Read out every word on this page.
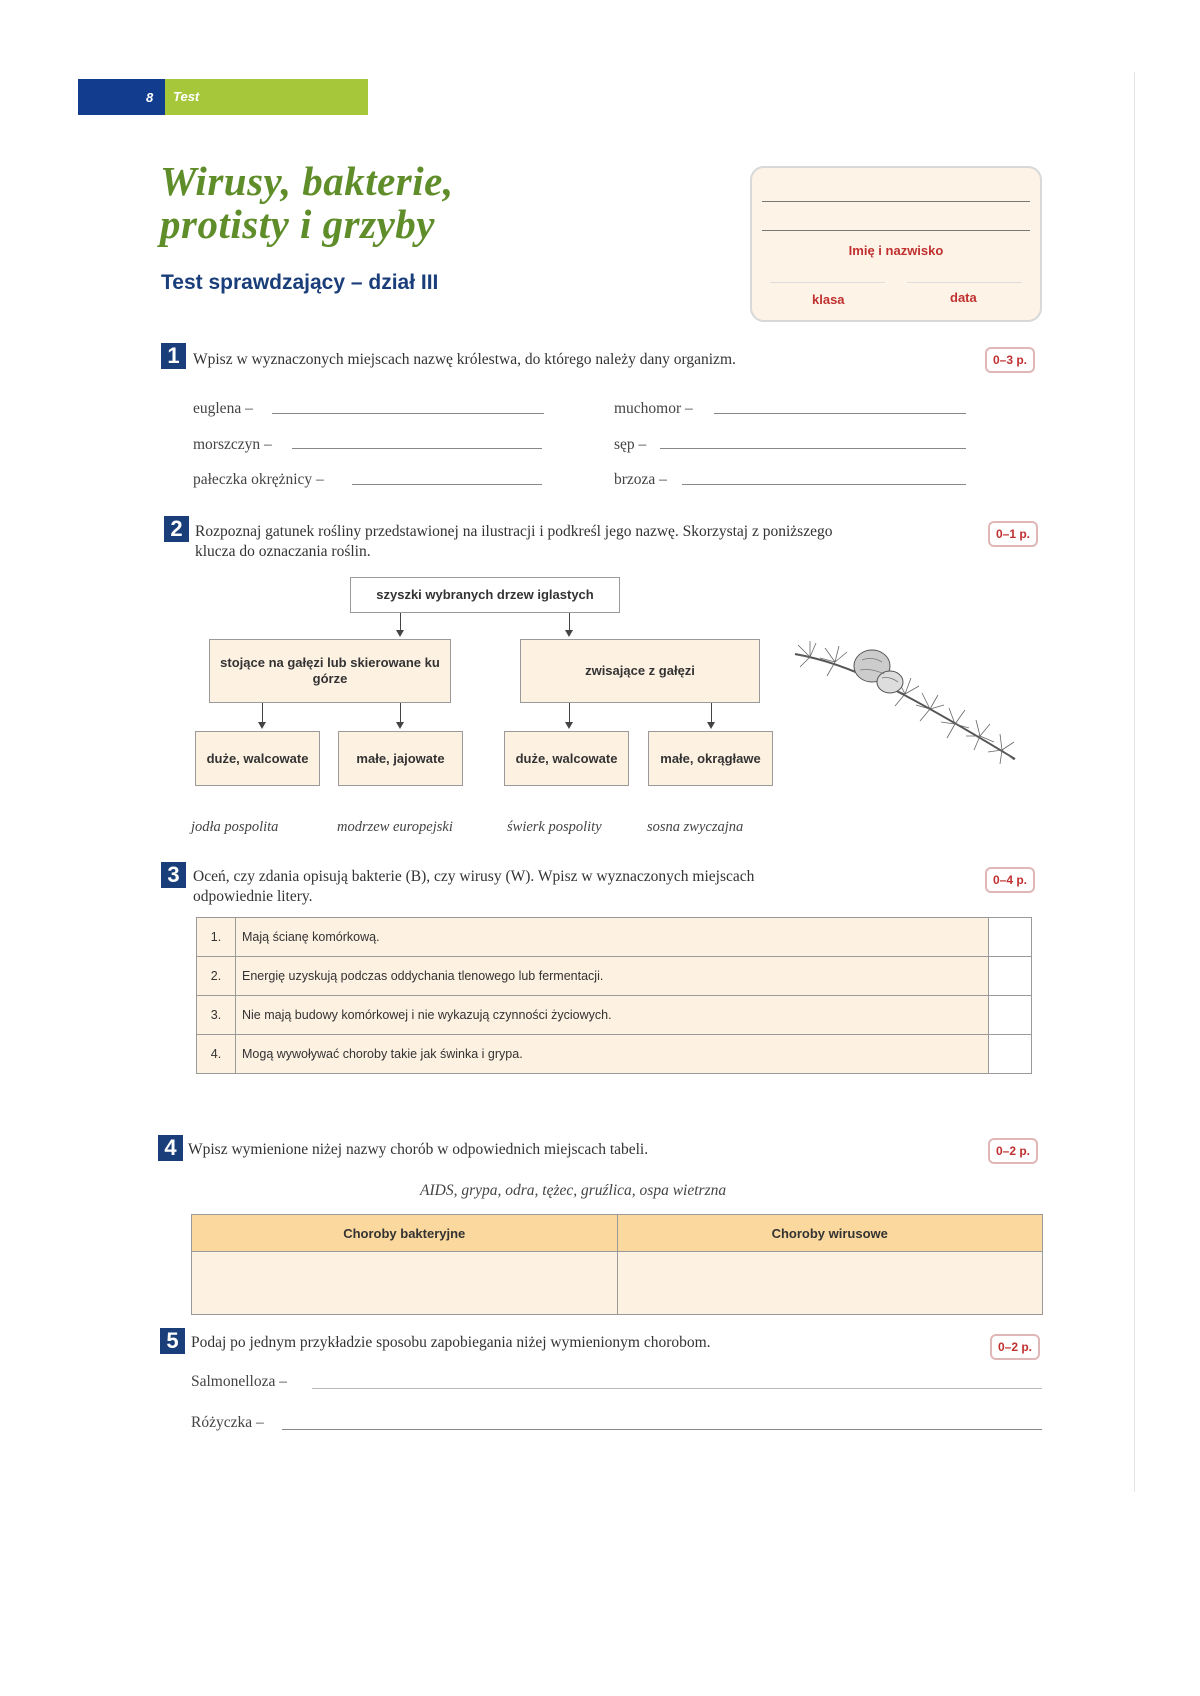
8 Test
Wirusy, bakterie,
protisty i grzyby
Test sprawdzający – dział III
Imię i nazwisko
klasa	data
1 Wpisz w wyznaczonych miejscach nazwę królestwa, do którego należy dany organizm.	0–3 p.
euglena –	muchomor –
morszczyn –	sęp –
pałeczka okrężnicy –	brzoza –
2 Rozpoznaj gatunek rośliny przedstawionej na ilustracji i podkreśl jego nazwę. Skorzystaj z poniższego
klucza do oznaczania roślin.
0–1 p.
szyszki wybranych drzew iglastych
stojące na gałęzi lub skierowane ku górze
zwisające z gałęzi
duże, walcowate	małe, jajowate	duże, walcowate	małe, okrągławe
jodła pospolita	modrzew europejski	świerk pospolity	sosna zwyczajna
3 Oceń, czy zdania opisują bakterie (B), czy wirusy (W). Wpisz w wyznaczonych miejscach
odpowiednie litery.
0–4 p.
1.	Mają ścianę komórkową.	
2.	Energię uzyskują podczas oddychania tlenowego lub fermentacji.	
3.	Nie mają budowy komórkowej i nie wykazują czynności życiowych.	
4.	Mogą wywoływać choroby takie jak świnka i grypa.	
4 Wpisz wymienione niżej nazwy chorób w odpowiednich miejscach tabeli.	0–2 p.
AIDS, grypa, odra, tężec, gruźlica, ospa wietrzna
Choroby bakteryjne	Choroby wirusowe

5 Podaj po jednym przykładzie sposobu zapobiegania niżej wymienionym chorobom.	0–2 p.
Salmonelloza –
Różyczka –
